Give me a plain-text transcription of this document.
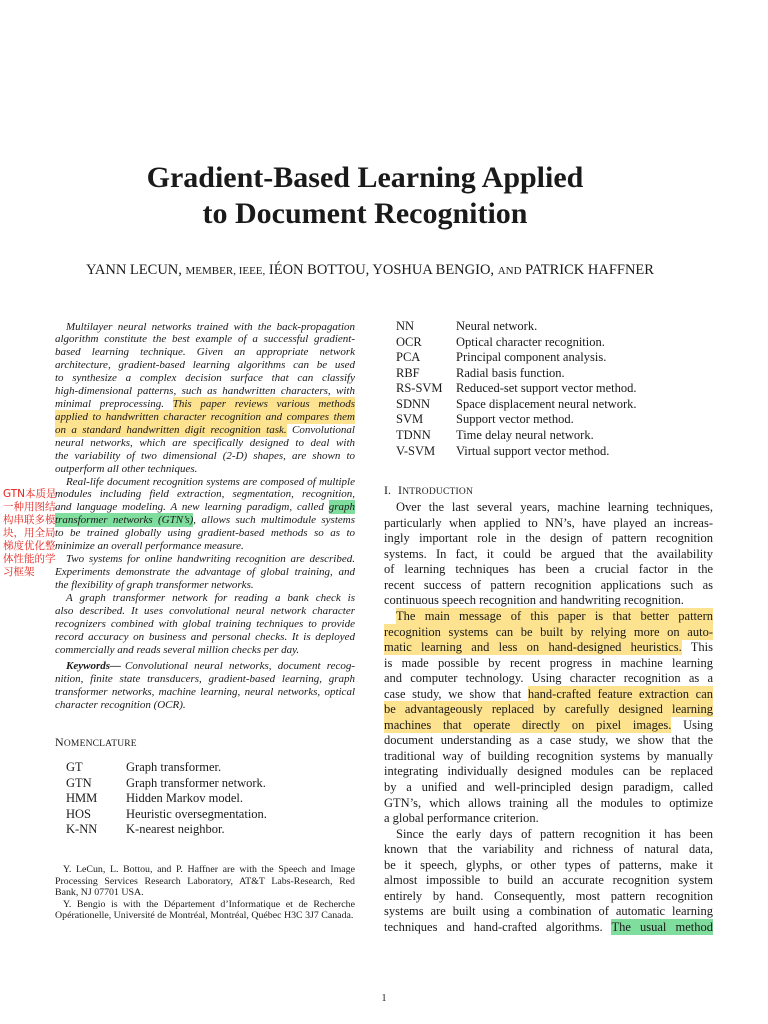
Gradient-Based Learning Applied
to Document Recognition
YANN LECUN, MEMBER, IEEE, IÉON BOTTOU, YOSHUA BENGIO, AND PATRICK HAFFNER
Multilayer neural networks trained with the back-propagation
algorithm constitute the best example of a successful gradient-
based learning technique. Given an appropriate network
architecture, gradient-based learning algorithms can be used
to synthesize a complex decision surface that can classify
high-dimensional patterns, such as handwritten characters, with
minimal preprocessing. This paper reviews various methods
applied to handwritten character recognition and compares them
on a standard handwritten digit recognition task. Convolutional
neural networks, which are specifically designed to deal with
the variability of two dimensional (2-D) shapes, are shown to
outperform all other techniques.
Real-life document recognition systems are composed of multiple
modules including field extraction, segmentation, recognition,
and language modeling. A new learning paradigm, called graph
transformer networks (GTN’s), allows such multimodule systems
to be trained globally using gradient-based methods so as to
minimize an overall performance measure.
Two systems for online handwriting recognition are described.
Experiments demonstrate the advantage of global training, and
the flexibility of graph transformer networks.
A graph transformer network for reading a bank check is
also described. It uses convolutional neural network character
recognizers combined with global training techniques to provide
record accuracy on business and personal checks. It is deployed
commercially and reads several million checks per day.
Keywords— Convolutional neural networks, document recog-
nition, finite state transducers, gradient-based learning, graph
transformer networks, machine learning, neural networks, optical
character recognition (OCR).
GTN本质是
一种用图结
构串联多模
块，用全局
梯度优化整
体性能的学
习框架
NOMENCLATURE
GT	Graph transformer.
GTN	Graph transformer network.
HMM Hidden Markov model.
HOS	Heuristic oversegmentation.
K-NN K-nearest neighbor.
NN	Neural network.
OCR	Optical character recognition.
PCA	Principal component analysis.
RBF	Radial basis function.
RS-SVM Reduced-set support vector method.
SDNN Space displacement neural network.
SVM	Support vector method.
TDNN Time delay neural network.
V-SVM Virtual support vector method.
Y. LeCun, L. Bottou, and P. Haffner are with the Speech and Image
Processing Services Research Laboratory, AT&T Labs-Research, Red
Bank, NJ 07701 USA.
Y. Bengio is with the Département d’Informatique et de Recherche
Opérationelle, Université de Montréal, Montréal, Québec H3C 3J7 Canada.
I. INTRODUCTION
Over the last several years, machine learning techniques,
particularly when applied to NN’s, have played an increas-
ingly important role in the design of pattern recognition
systems. In fact, it could be argued that the availability
of learning techniques has been a crucial factor in the
recent success of pattern recognition applications such as
continuous speech recognition and handwriting recognition.
The main message of this paper is that better pattern
recognition systems can be built by relying more on auto-
matic learning and less on hand-designed heuristics. This
is made possible by recent progress in machine learning
and computer technology. Using character recognition as a
case study, we show that hand-crafted feature extraction can
be advantageously replaced by carefully designed learning
machines that operate directly on pixel images. Using
document understanding as a case study, we show that the
traditional way of building recognition systems by manually
integrating individually designed modules can be replaced
by a unified and well-principled design paradigm, called
GTN’s, which allows training all the modules to optimize
a global performance criterion.
Since the early days of pattern recognition it has been
known that the variability and richness of natural data,
be it speech, glyphs, or other types of patterns, make it
almost impossible to build an accurate recognition system
entirely by hand. Consequently, most pattern recognition
systems are built using a combination of automatic learning
techniques and hand-crafted algorithms. The usual method
1
